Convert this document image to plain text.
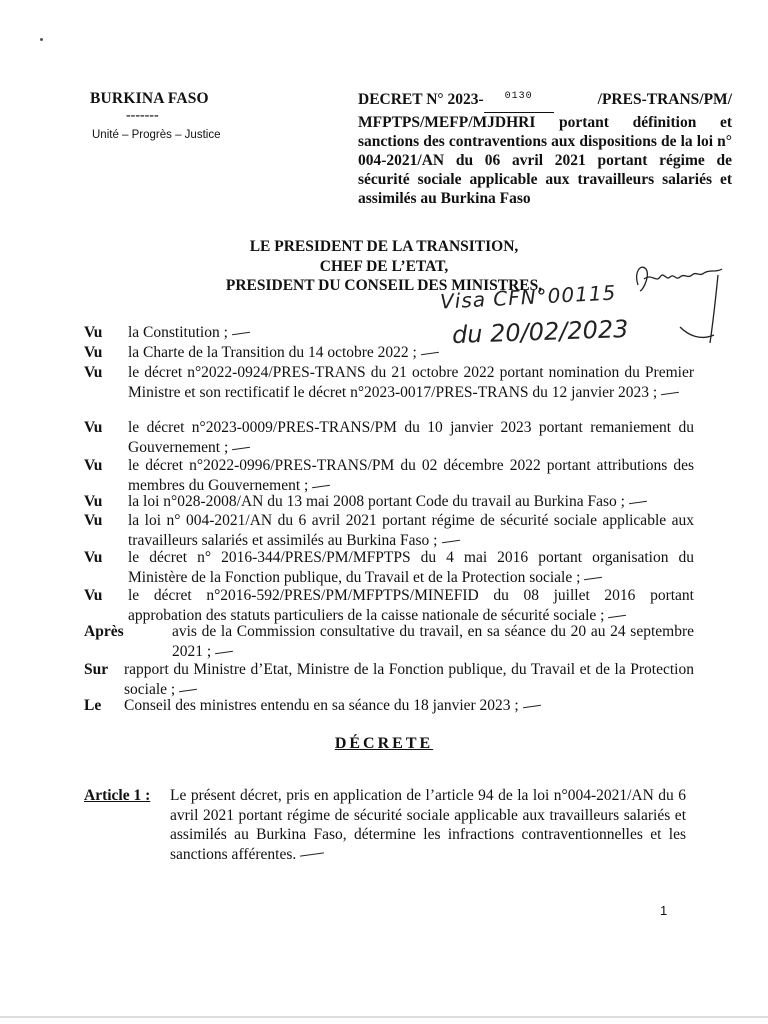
BURKINA FASO
-------
Unité – Progrès – Justice
DECRET N° 2023- $^{0130}$	/PRES-TRANS/PM/
MFPTPS/MEFP/MJDHRI portant définition et sanctions des contraventions aux dispositions de la loi n° 004-2021/AN du 06 avril 2021 portant régime de sécurité sociale applicable aux travailleurs salariés et assimilés au Burkina Faso
LE PRESIDENT DE LA TRANSITION,
CHEF DE L’ETAT,
PRESIDENT DU CONSEIL DES MINISTRES,
Visa CFN°00115
du 20/02/2023
Vu la Constitution ;
Vu la Charte de la Transition du 14 octobre 2022 ;
Vu le décret n°2022-0924/PRES-TRANS du 21 octobre 2022 portant nomination du Premier Ministre et son rectificatif le décret n°2023-0017/PRES-TRANS du 12 janvier 2023 ;
Vu le décret n°2023-0009/PRES-TRANS/PM du 10 janvier 2023 portant remaniement du Gouvernement ;
Vu le décret n°2022-0996/PRES-TRANS/PM du 02 décembre 2022 portant attributions des membres du Gouvernement ;
Vu la loi n°028-2008/AN du 13 mai 2008 portant Code du travail au Burkina Faso ;
Vu la loi n° 004-2021/AN du 6 avril 2021 portant régime de sécurité sociale applicable aux travailleurs salariés et assimilés au Burkina Faso ;
Vu le décret n° 2016-344/PRES/PM/MFPTPS du 4 mai 2016 portant organisation du Ministère de la Fonction publique, du Travail et de la Protection sociale ;
Vu le décret n°2016-592/PRES/PM/MFPTPS/MINEFID du 08 juillet 2016 portant approbation des statuts particuliers de la caisse nationale de sécurité sociale ;
Après	avis de la Commission consultative du travail, en sa séance du 20 au 24 septembre 2021 ;
Sur rapport du Ministre d’Etat, Ministre de la Fonction publique, du Travail et de la Protection sociale ;
Le Conseil des ministres entendu en sa séance du 18 janvier 2023 ;
DÉCRETE
Article 1 : Le présent décret, pris en application de l’article 94 de la loi n°004-2021/AN du 6 avril 2021 portant régime de sécurité sociale applicable aux travailleurs salariés et assimilés au Burkina Faso, détermine les infractions contraventionnelles et les sanctions afférentes.
1
